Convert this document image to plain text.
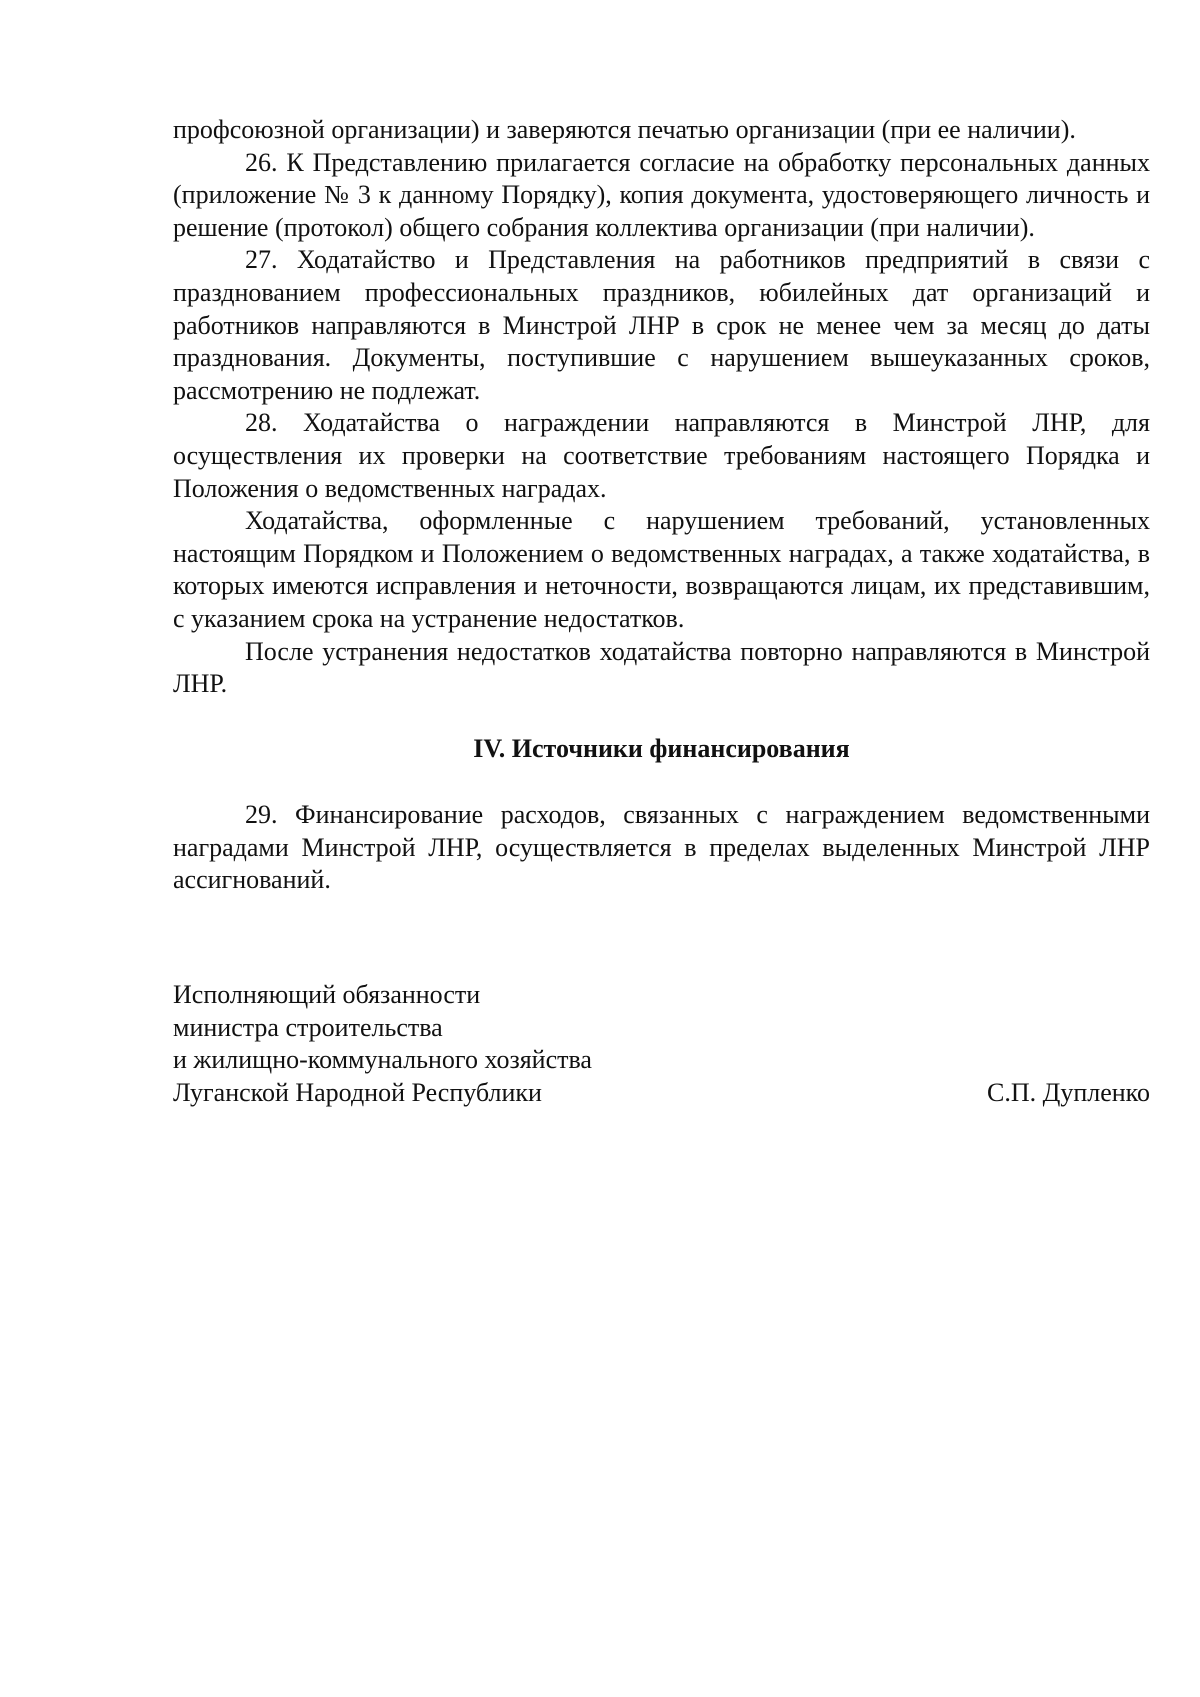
профсоюзной организации) и заверяются печатью организации (при ее наличии).

26. К Представлению прилагается согласие на обработку персональных данных (приложение № 3 к данному Порядку), копия документа, удостоверяющего личность и решение (протокол) общего собрания коллектива организации (при наличии).

27. Ходатайство и Представления на работников предприятий в связи с празднованием профессиональных праздников, юбилейных дат организаций и работников направляются в Минстрой ЛНР в срок не менее чем за месяц до даты празднования. Документы, поступившие с нарушением вышеуказанных сроков, рассмотрению не подлежат.

28. Ходатайства о награждении направляются в Минстрой ЛНР, для осуществления их проверки на соответствие требованиям настоящего Порядка и Положения о ведомственных наградах.

Ходатайства, оформленные с нарушением требований, установленных настоящим Порядком и Положением о ведомственных наградах, а также ходатайства, в которых имеются исправления и неточности, возвращаются лицам, их представившим, с указанием срока на устранение недостатков.

После устранения недостатков ходатайства повторно направляются в Минстрой ЛНР.

IV. Источники финансирования

29. Финансирование расходов, связанных с награждением ведомственными наградами Минстрой ЛНР, осуществляется в пределах выделенных Минстрой ЛНР ассигнований.

Исполняющий обязанности

министра строительства

и жилищно-коммунального хозяйства

Луганской Народной Республики	С.П. Дупленко
